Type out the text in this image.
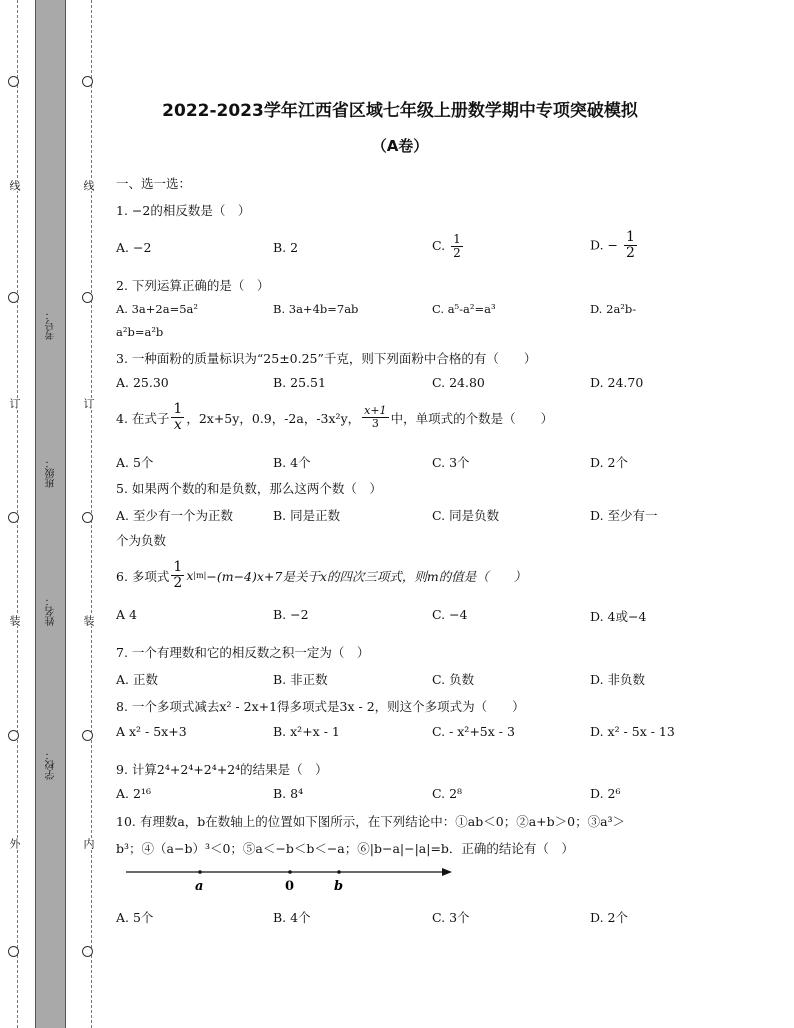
线
订
装
外
线
订
装
内
考号：
班级：
姓名：
学校：
2022-2023学年江西省区域七年级上册数学期中专项突破模拟
（A卷）
一、选一选：
1. −2的相反数是（　）
A. −2	B. 2	C. $\frac{1}{2}$	D. − $\frac{1}{2}$
2. 下列运算正确的是（　）
A. 3a+2a=5a²	B. 3a+4b=7ab	C. a⁵-a²=a³	D. 2a²b-
a²b=a²b
3. 一种面粉的质量标识为“25±0.25”千克，则下列面粉中合格的有（　　）
A. 25.30	B. 25.51	C. 24.80	D. 24.70
4. 在式子 $\frac{1}{x}$ ，2x+5y，0.9，-2a，-3x²y， $\frac{x+1}{3}$ 中，单项式的个数是（　　）
A. 5个	B. 4个	C. 3个	D. 2个
5. 如果两个数的和是负数，那么这两个数（　）
A. 至少有一个为正数	B. 同是正数	C. 同是负数	D. 至少有一
个为负数
6. 多项式 $\frac{1}{2}$ x |m| −(m−4)x+7是关于x的四次三项式，则m的值是（　　）
A 4	B. −2	C. −4	D. 4或−4
7. 一个有理数和它的相反数之积一定为（　）
A. 正数	B. 非正数	C. 负数	D. 非负数
8. 一个多项式减去x² - 2x+1得多项式是3x - 2，则这个多项式为（　　）
A x² - 5x+3	B. x²+x - 1	C. - x²+5x - 3	D. x² - 5x - 13
9. 计算2⁴+2⁴+2⁴+2⁴的结果是（　）
A. 2¹⁶	B. 8⁴	C. 2⁸	D. 2⁶
10. 有理数a，b在数轴上的位置如下图所示，在下列结论中：①ab＜0；②a+b＞0；③a³＞
b³；④（a−b）³＜0；⑤a＜−b＜b＜−a；⑥|b−a|−|a|=b．正确的结论有（　）
a	0	b
A. 5个	B. 4个	C. 3个	D. 2个
